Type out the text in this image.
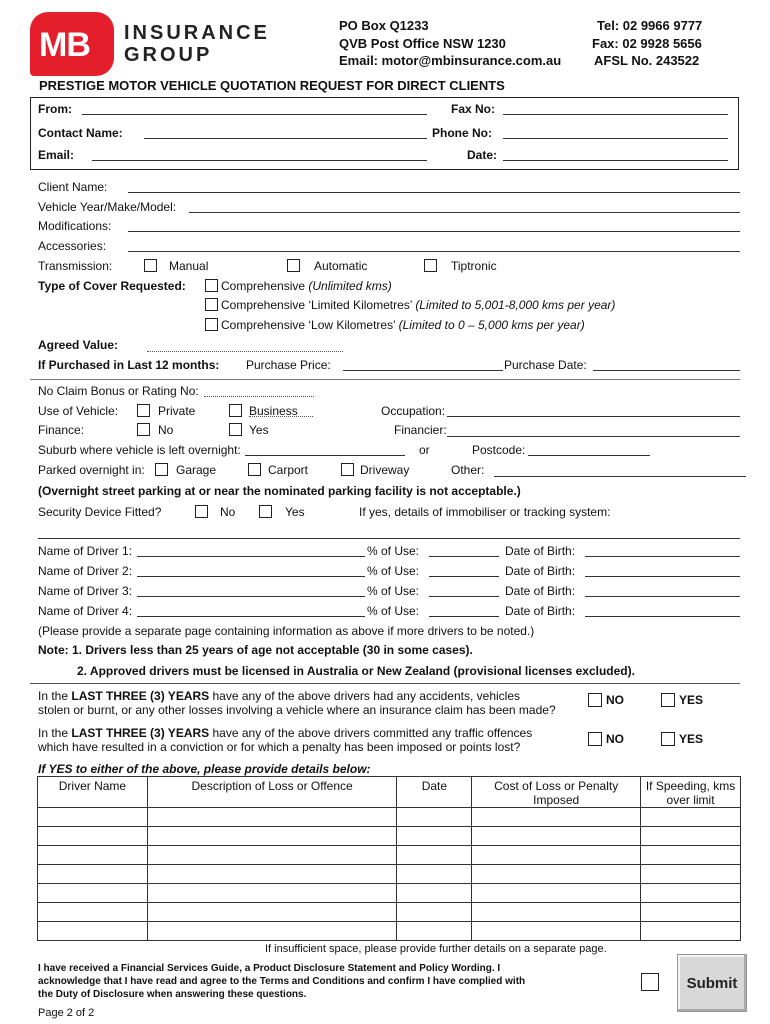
MB INSURANCE
GROUP
PO Box Q1233
QVB Post Office NSW 1230
Email: motor@mbinsurance.com.au
Tel: 02 9966 9777
Fax: 02 9928 5656
AFSL No. 243522
PRESTIGE MOTOR VEHICLE QUOTATION REQUEST FOR DIRECT CLIENTS
From:	Fax No:
Contact Name:	Phone No:
Email:	Date:
Client Name:
Vehicle Year/Make/Model:
Modifications:
Accessories:
Transmission:	Manual	Automatic	Tiptronic
Type of Cover Requested:	Comprehensive (Unlimited kms)
Comprehensive ‘Limited Kilometres’ (Limited to 5,001-8,000 kms per year)
Comprehensive ‘Low Kilometres’ (Limited to 0 – 5,000 kms per year)
Agreed Value:
If Purchased in Last 12 months: Purchase Price:	Purchase Date:
No Claim Bonus or Rating No:
Use of Vehicle:	Private	Business	Occupation:
Finance:	No	Yes	Financier:
Suburb where vehicle is left overnight:	or	Postcode:
Parked overnight in:	Garage	Carport	Driveway	Other:
(Overnight street parking at or near the nominated parking facility is not acceptable.)
Security Device Fitted?	No	Yes	If yes, details of immobiliser or tracking system:
Name of Driver 1:	% of Use:	Date of Birth:
Name of Driver 2:	% of Use:	Date of Birth:
Name of Driver 3:	% of Use:	Date of Birth:
Name of Driver 4:	% of Use:	Date of Birth:
(Please provide a separate page containing information as above if more drivers to be noted.)
Note: 1. Drivers less than 25 years of age not acceptable (30 in some cases).
2. Approved drivers must be licensed in Australia or New Zealand (provisional licenses excluded).
In the LAST THREE (3) YEARS have any of the above drivers had any accidents, vehicles
stolen or burnt, or any other losses involving a vehicle where an insurance claim has been made?
NO	YES
In the LAST THREE (3) YEARS have any of the above drivers committed any traffic offences
which have resulted in a conviction or for which a penalty has been imposed or points lost?
NO	YES
If YES to either of the above, please provide details below:
Driver Name	Description of Loss or Offence	Date	Cost of Loss or Penalty Imposed	If Speeding, kms over limit

If insufficient space, please provide further details on a separate page.
I have received a Financial Services Guide, a Product Disclosure Statement and Policy Wording. I
acknowledge that I have read and agree to the Terms and Conditions and confirm I have complied with
the Duty of Disclosure when answering these questions.
Submit
Page 2 of 2
